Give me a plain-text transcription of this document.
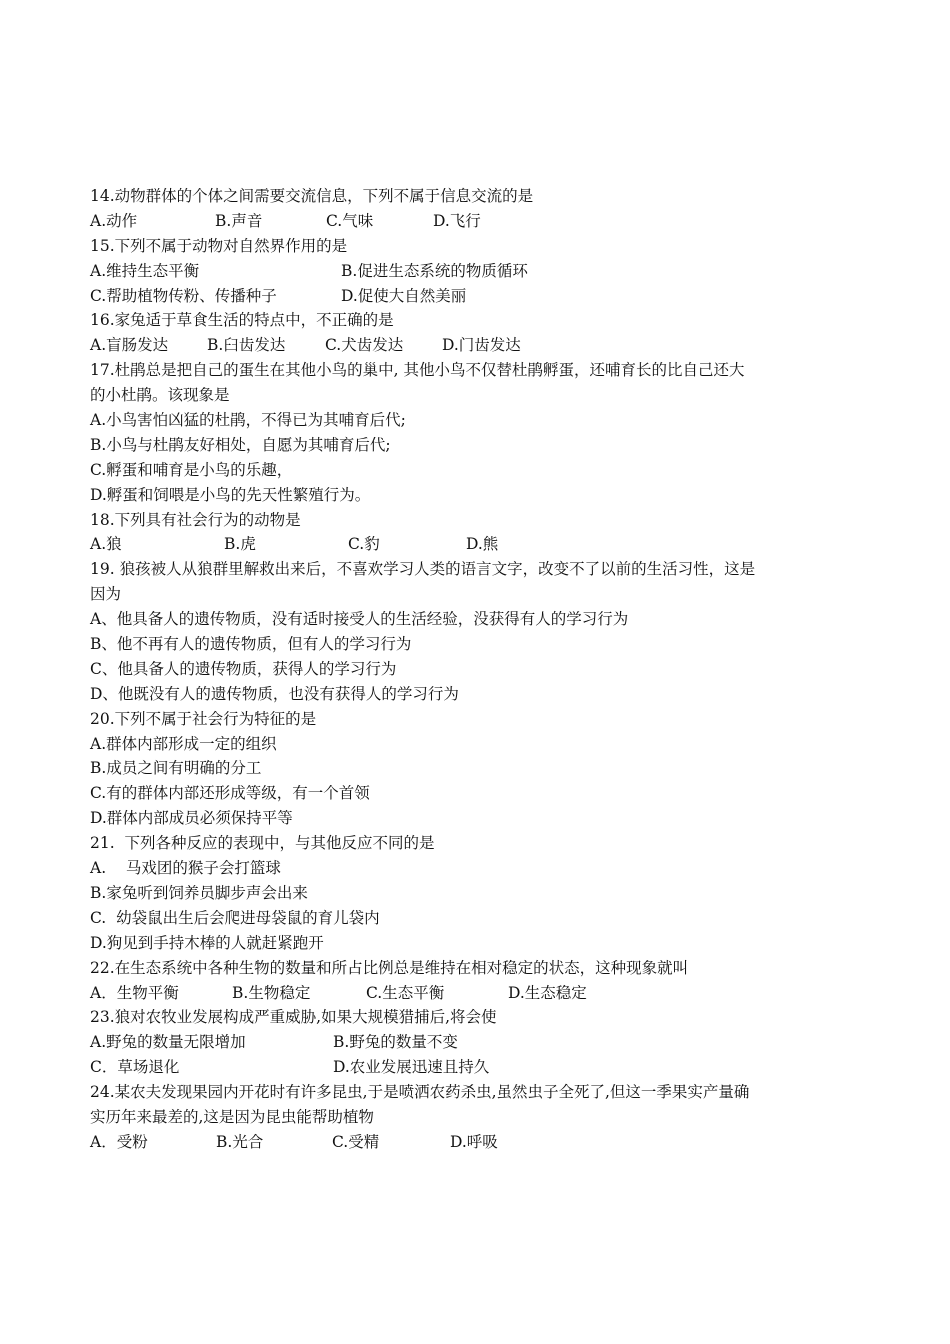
14.动物群体的个体之间需要交流信息，下列不属于信息交流的是
A.动作	B.声音	C.气味	D.飞行
15.下列不属于动物对自然界作用的是
A.维持生态平衡	B.促进生态系统的物质循环
C.帮助植物传粉、传播种子	D.促使大自然美丽
16.家兔适于草食生活的特点中，不正确的是
A.盲肠发达	B.臼齿发达	C.犬齿发达	D.门齿发达
17.杜鹃总是把自己的蛋生在其他小鸟的巢中, 其他小鸟不仅替杜鹃孵蛋，还哺育长的比自己还大
的小杜鹃。该现象是
A.小鸟害怕凶猛的杜鹃，不得已为其哺育后代;
B.小鸟与杜鹃友好相处，自愿为其哺育后代;
C.孵蛋和哺育是小鸟的乐趣，
D.孵蛋和饲喂是小鸟的先天性繁殖行为。
18.下列具有社会行为的动物是
A.狼	B.虎	C.豹	D.熊
19. 狼孩被人从狼群里解救出来后，不喜欢学习人类的语言文字，改变不了以前的生活习性，这是
因为
A、他具备人的遗传物质，没有适时接受人的生活经验，没获得有人的学习行为
B、他不再有人的遗传物质，但有人的学习行为
C、他具备人的遗传物质，获得人的学习行为
D、他既没有人的遗传物质，也没有获得人的学习行为
20.下列不属于社会行为特征的是
A.群体内部形成一定的组织
B.成员之间有明确的分工
C.有的群体内部还形成等级，有一个首领
D.群体内部成员必须保持平等
21.  下列各种反应的表现中，与其他反应不同的是
A.    马戏团的猴子会打篮球
B.家兔听到饲养员脚步声会出来
C.  幼袋鼠出生后会爬进母袋鼠的育儿袋内
D.狗见到手持木棒的人就赶紧跑开
22.在生态系统中各种生物的数量和所占比例总是维持在相对稳定的状态，这种现象就叫
A．生物平衡	B.生物稳定	C.生态平衡	D.生态稳定
23.狼对农牧业发展构成严重威胁,如果大规模猎捕后,将会使
A.野兔的数量无限增加	B.野兔的数量不变
C．草场退化	D.农业发展迅速且持久
24.某农夫发现果园内开花时有许多昆虫,于是喷洒农药杀虫,虽然虫子全死了,但这一季果实产量确
实历年来最差的,这是因为昆虫能帮助植物
A．受粉	B.光合	C.受精	D.呼吸
